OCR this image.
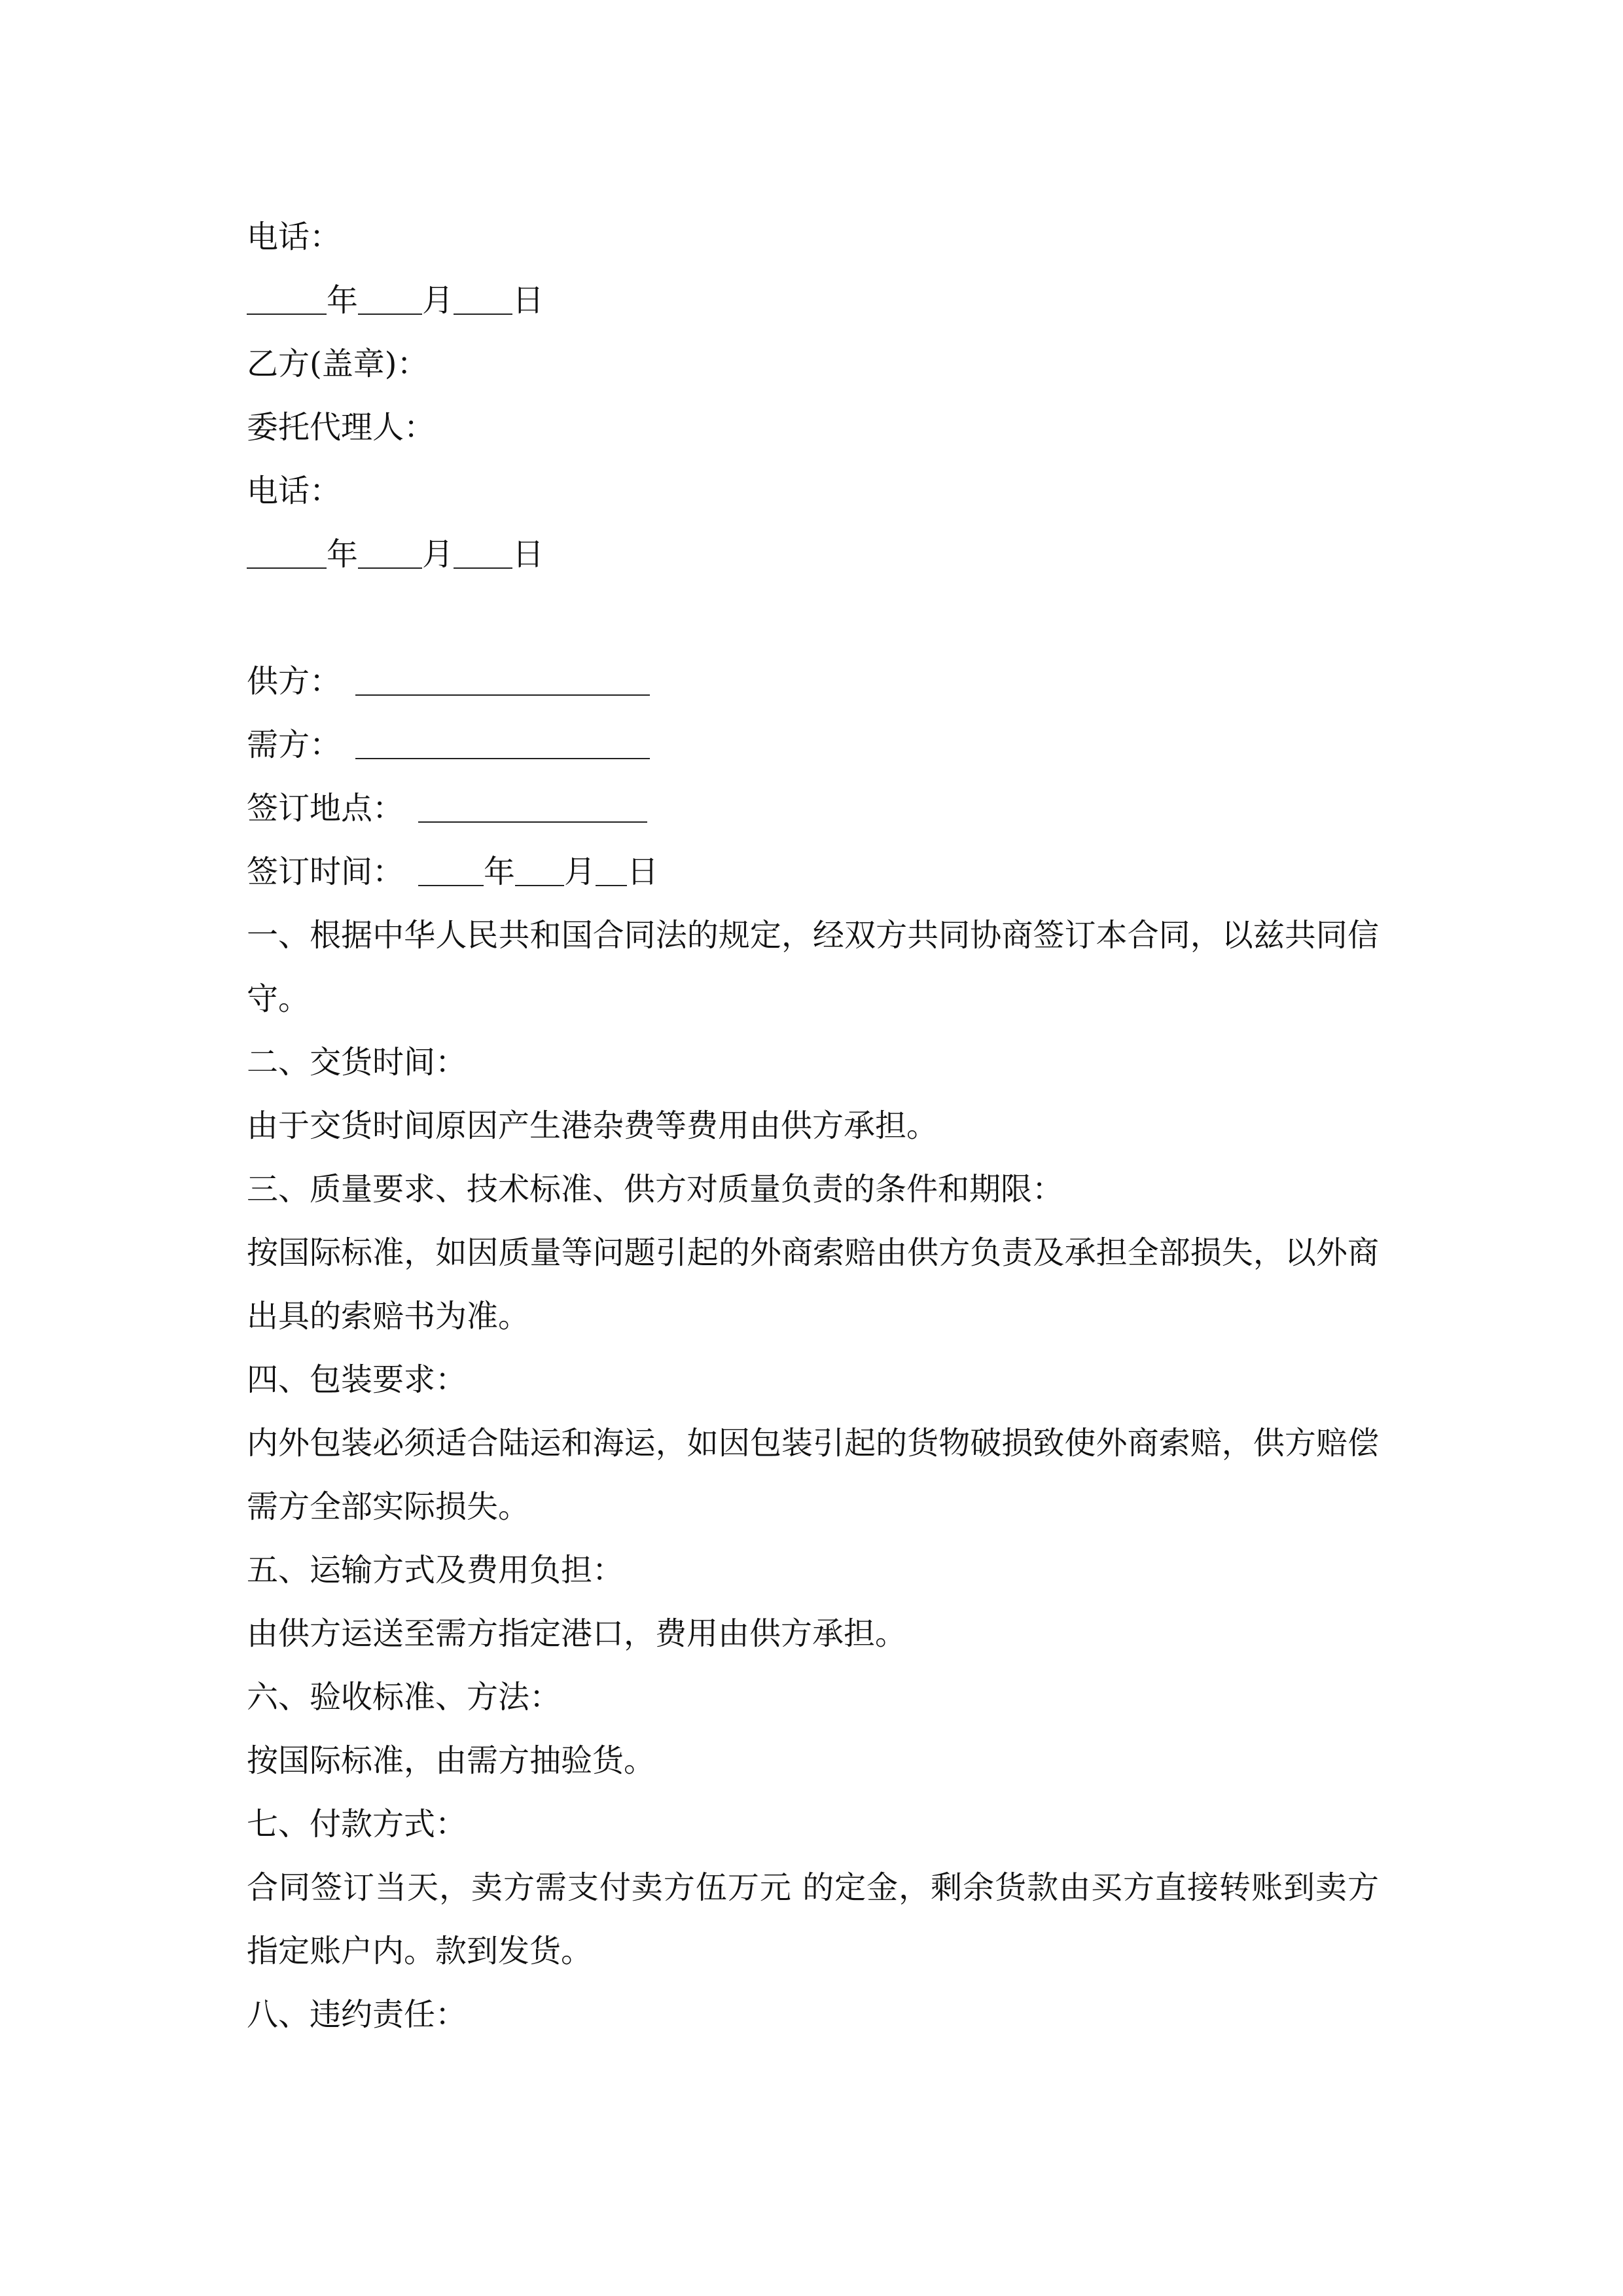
电话：
年 月 日
乙方(盖章)：
委托代理人：
电话：
年 月 日
供方：
需方：
签订地点：
签订时间：	年 月 日
一、根据中华人民共和国合同法的规定，经双方共同协商签订本合同，以兹共同信守。
二、交货时间：
由于交货时间原因产生港杂费等费用由供方承担。
三、质量要求、技术标准、供方对质量负责的条件和期限：
按国际标准，如因质量等问题引起的外商索赔由供方负责及承担全部损失，以外商出具的索赔书为准。
四、包装要求：
内外包装必须适合陆运和海运，如因包装引起的货物破损致使外商索赔，供方赔偿需方全部实际损失。
五、运输方式及费用负担：
由供方运送至需方指定港口，费用由供方承担。
六、验收标准、方法：
按国际标准，由需方抽验货。
七、付款方式：
合同签订当天，卖方需支付卖方伍万元 的定金，剩余货款由买方直接转账到卖方指定账户内。款到发货。
八、违约责任：
